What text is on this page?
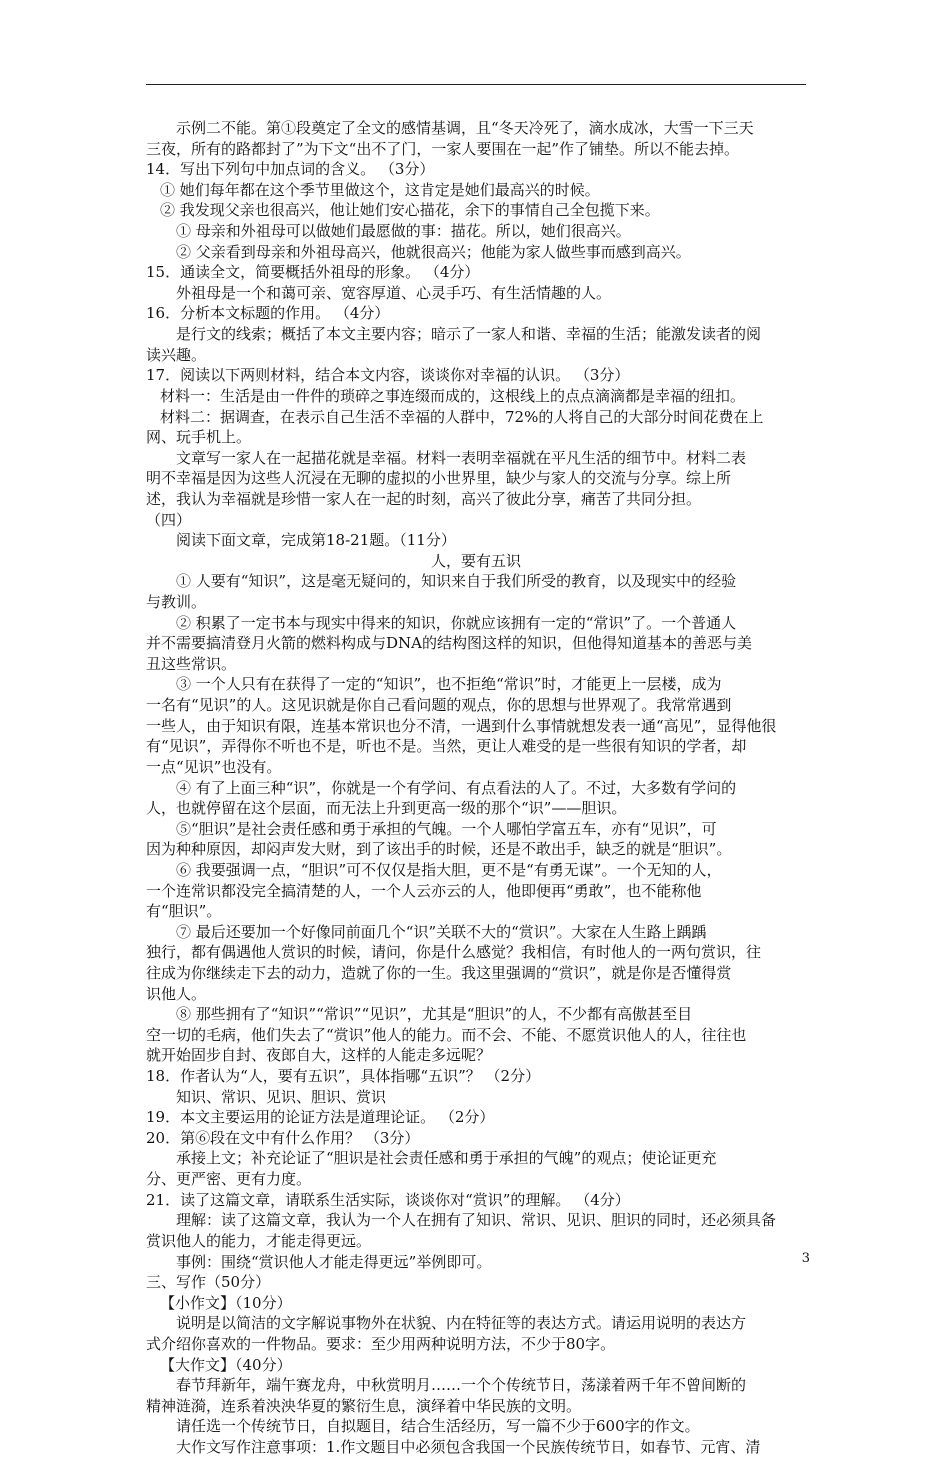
示例二不能。第①段奠定了全文的感情基调，且“冬天冷死了，滴水成冰，大雪一下三天
三夜，所有的路都封了”为下文“出不了门，一家人要围在一起”作了铺垫。所以不能去掉。
14．写出下列句中加点词的含义。 （3分）
① 她们每年都在这个季节里做这个，这肯定是她们最高兴的时候。
② 我发现父亲也很高兴，他让她们安心描花，余下的事情自己全包揽下来。
① 母亲和外祖母可以做她们最愿做的事：描花。所以，她们很高兴。
② 父亲看到母亲和外祖母高兴，他就很高兴；他能为家人做些事而感到高兴。
15．通读全文，简要概括外祖母的形象。 （4分）
外祖母是一个和蔼可亲、宽容厚道、心灵手巧、有生活情趣的人。
16．分析本文标题的作用。 （4分）
是行文的线索；概括了本文主要内容；暗示了一家人和谐、幸福的生活；能激发读者的阅
读兴趣。
17．阅读以下两则材料，结合本文内容，谈谈你对幸福的认识。 （3分）
材料一：生活是由一件件的琐碎之事连缀而成的，这根线上的点点滴滴都是幸福的纽扣。
材料二：据调查，在表示自己生活不幸福的人群中，72%的人将自己的大部分时间花费在上
网、玩手机上。
文章写一家人在一起描花就是幸福。材料一表明幸福就在平凡生活的细节中。材料二表
明不幸福是因为这些人沉浸在无聊的虚拟的小世界里，缺少与家人的交流与分享。综上所
述，我认为幸福就是珍惜一家人在一起的时刻，高兴了彼此分享，痛苦了共同分担。
（四）
阅读下面文章，完成第18-21题。（11分）
人，要有五识
① 人要有“知识”，这是毫无疑问的，知识来自于我们所受的教育，以及现实中的经验
与教训。
② 积累了一定书本与现实中得来的知识，你就应该拥有一定的“常识”了。一个普通人
并不需要搞清登月火箭的燃料构成与DNA的结构图这样的知识，但他得知道基本的善恶与美
丑这些常识。
③ 一个人只有在获得了一定的“知识”，也不拒绝“常识”时，才能更上一层楼，成为
一名有“见识”的人。这见识就是你自己看问题的观点，你的思想与世界观了。我常常遇到
一些人，由于知识有限，连基本常识也分不清，一遇到什么事情就想发表一通“高见”，显得他很
有“见识”，弄得你不听也不是，听也不是。当然，更让人难受的是一些很有知识的学者，却
一点“见识”也没有。
④ 有了上面三种“识”，你就是一个有学问、有点看法的人了。不过，大多数有学问的
人，也就停留在这个层面，而无法上升到更高一级的那个“识”——胆识。
⑤“胆识”是社会责任感和勇于承担的气魄。一个人哪怕学富五车，亦有“见识”，可
因为种种原因，却闷声发大财，到了该出手的时候，还是不敢出手，缺乏的就是“胆识”。
⑥ 我要强调一点，“胆识”可不仅仅是指大胆，更不是“有勇无谋”。一个无知的人，
一个连常识都没完全搞清楚的人，一个人云亦云的人，他即便再“勇敢”，也不能称他
有“胆识”。
⑦ 最后还要加一个好像同前面几个“识”关联不大的“赏识”。大家在人生路上踽踽
独行，都有偶遇他人赏识的时候，请问，你是什么感觉？我相信，有时他人的一两句赏识，往
往成为你继续走下去的动力，造就了你的一生。我这里强调的“赏识”，就是你是否懂得赏
识他人。
⑧ 那些拥有了“知识”“常识”“见识”，尤其是“胆识”的人，不少都有高傲甚至目
空一切的毛病，他们失去了“赏识”他人的能力。而不会、不能、不愿赏识他人的人，往往也
就开始固步自封、夜郎自大，这样的人能走多远呢？
18．作者认为“人，要有五识”，具体指哪“五识”？ （2分）
知识、常识、见识、胆识、赏识
19．本文主要运用的论证方法是道理论证。 （2分）
20．第⑥段在文中有什么作用？ （3分）
承接上文；补充论证了“胆识是社会责任感和勇于承担的气魄”的观点；使论证更充
分、更严密、更有力度。
21．读了这篇文章，请联系生活实际，谈谈你对“赏识”的理解。 （4分）
理解：读了这篇文章，我认为一个人在拥有了知识、常识、见识、胆识的同时，还必须具备
赏识他人的能力，才能走得更远。
事例：围绕“赏识他人才能走得更远”举例即可。
三、写作（50分）
【小作文】（10分）
说明是以简洁的文字解说事物外在状貌、内在特征等的表达方式。请运用说明的表达方
式介绍你喜欢的一件物品。要求：至少用两种说明方法，不少于80字。
【大作文】（40分）
春节拜新年，端午赛龙舟，中秋赏明月……一个个传统节日，荡漾着两千年不曾间断的
精神涟漪，连系着泱泱华夏的繁衍生息，演绎着中华民族的文明。
请任选一个传统节日，自拟题目，结合生活经历，写一篇不少于600字的作文。
大作文写作注意事项：1.作文题目中必须包含我国一个民族传统节日，如春节、元宵、清
3
